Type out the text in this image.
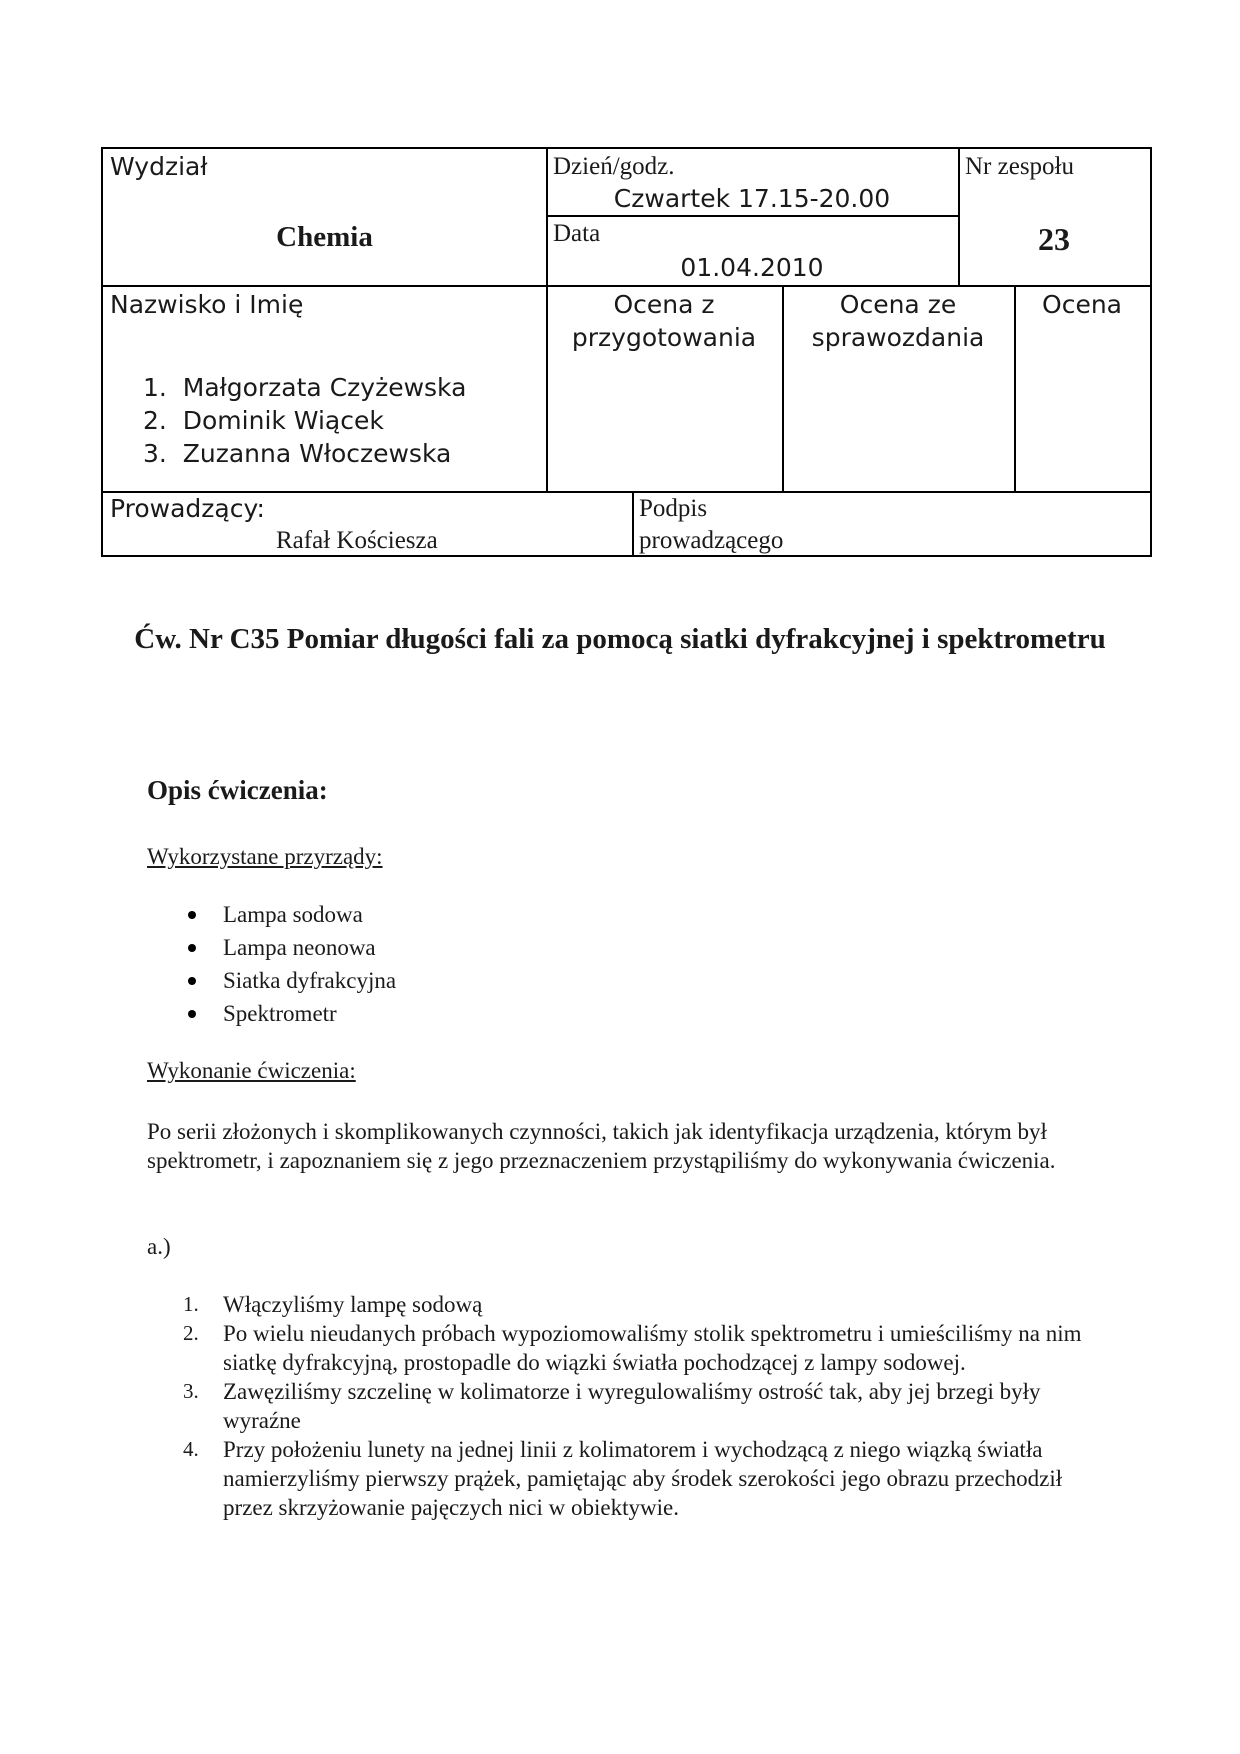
Wydział
Chemia
Dzień/godz.
Czwartek 17.15-20.00
Data
01.04.2010
Nr zespołu
23
Nazwisko i Imię
1.  Małgorzata Czyżewska
2.  Dominik Wiącek
3.  Zuzanna Włoczewska
Ocena z
przygotowania
Ocena ze
sprawozdania
Ocena
Prowadzący:
Rafał Kościesza
Podpis
prowadzącego
Ćw. Nr C35 Pomiar długości fali za pomocą siatki dyfrakcyjnej i spektrometru
Opis ćwiczenia:
Wykorzystane przyrządy:
Lampa sodowa
Lampa neonowa
Siatka dyfrakcyjna
Spektrometr
Wykonanie ćwiczenia:

Po serii złożonych i skomplikowanych czynności, takich jak identyfikacja urządzenia, którym był spektrometr, i zapoznaniem się z jego przeznaczeniem przystąpiliśmy do wykonywania ćwiczenia.

a.)

1. Włączyliśmy lampę sodową
2. Po wielu nieudanych próbach wypoziomowaliśmy stolik spektrometru i umieściliśmy na nim siatkę dyfrakcyjną, prostopadle do wiązki światła pochodzącej z lampy sodowej.
3. Zawęziliśmy szczelinę w kolimatorze i wyregulowaliśmy ostrość tak, aby jej brzegi były wyraźne
4. Przy położeniu lunety na jednej linii z kolimatorem i wychodzącą z niego wiązką światła namierzyliśmy pierwszy prążek, pamiętając aby środek szerokości jego obrazu przechodził przez skrzyżowanie pajęczych nici w obiektywie.
